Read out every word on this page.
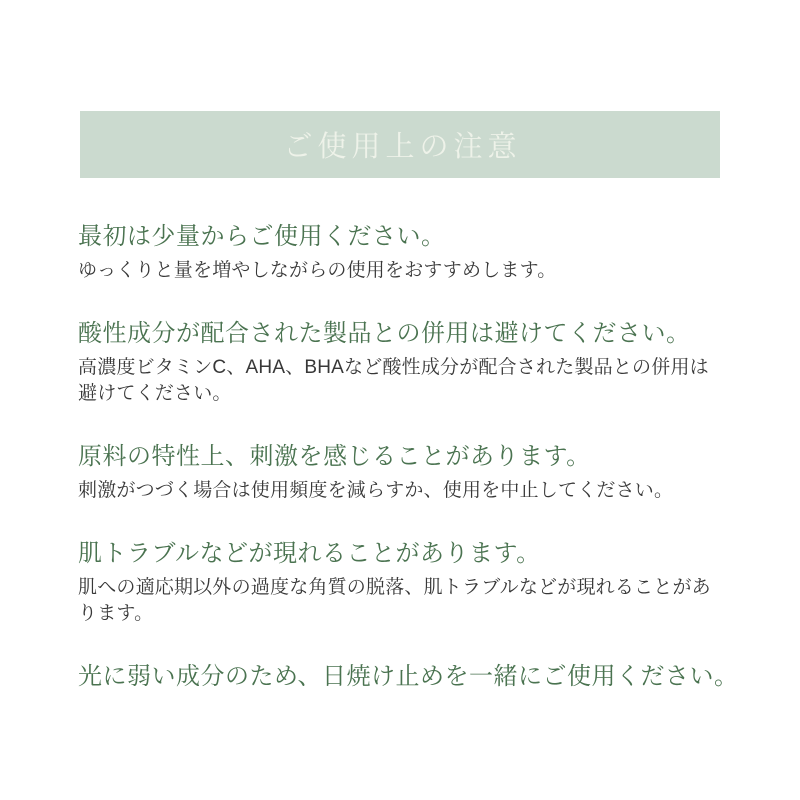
ご使用上の注意
最初は少量からご使用ください。

ゆっくりと量を増やしながらの使用をおすすめします。

酸性成分が配合された製品との併用は避けてください。

高濃度ビタミンC、AHA、BHAなど酸性成分が配合された製品との併用は避けてください。

原料の特性上、刺激を感じることがあります。

刺激がつづく場合は使用頻度を減らすか、使用を中止してください。

肌トラブルなどが現れることがあります。

肌への適応期以外の過度な角質の脱落、肌トラブルなどが現れることがあります。

光に弱い成分のため、日焼け止めを一緒にご使用ください。
